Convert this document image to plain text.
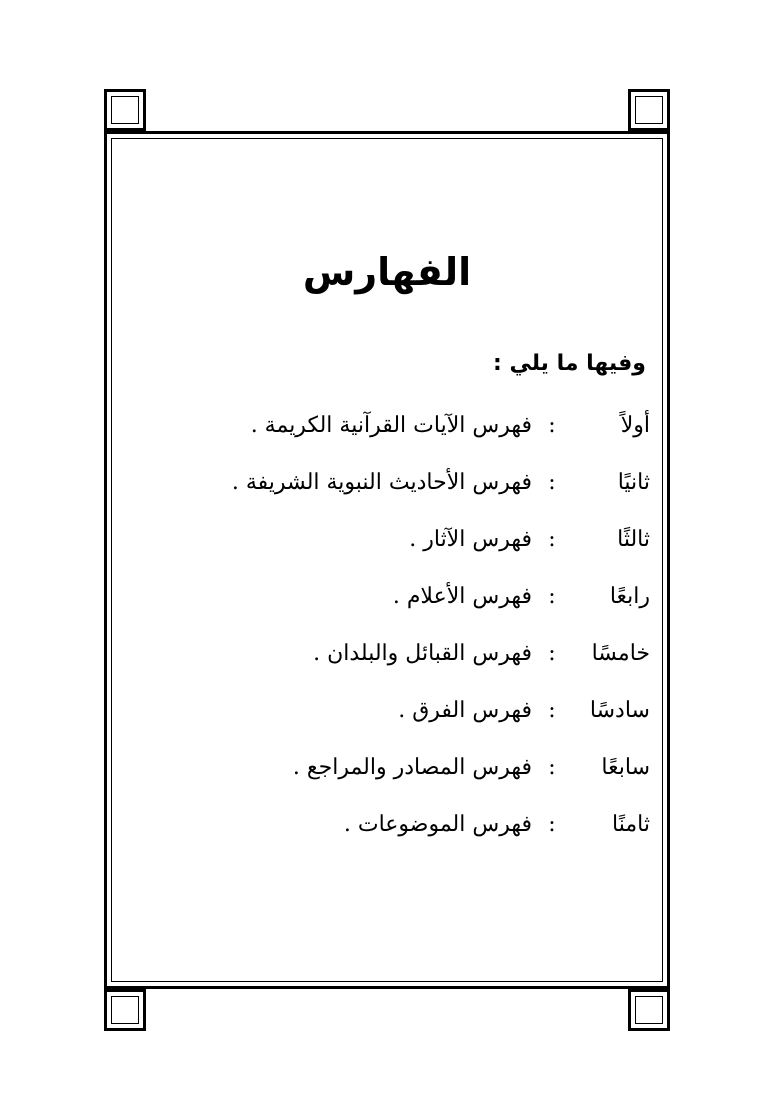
الفهارس
وفيها ما يلي :
أولاً
:
فهرس الآيات القرآنية الكريمة .
ثانيًا
:
فهرس الأحاديث النبوية الشريفة .
ثالثًا
:
فهرس الآثار .
رابعًا
:
فهرس الأعلام .
خامسًا
:
فهرس القبائل والبلدان .
سادسًا
:
فهرس الفرق .
سابعًا
:
فهرس المصادر والمراجع .
ثامنًا
:
فهرس الموضوعات .
